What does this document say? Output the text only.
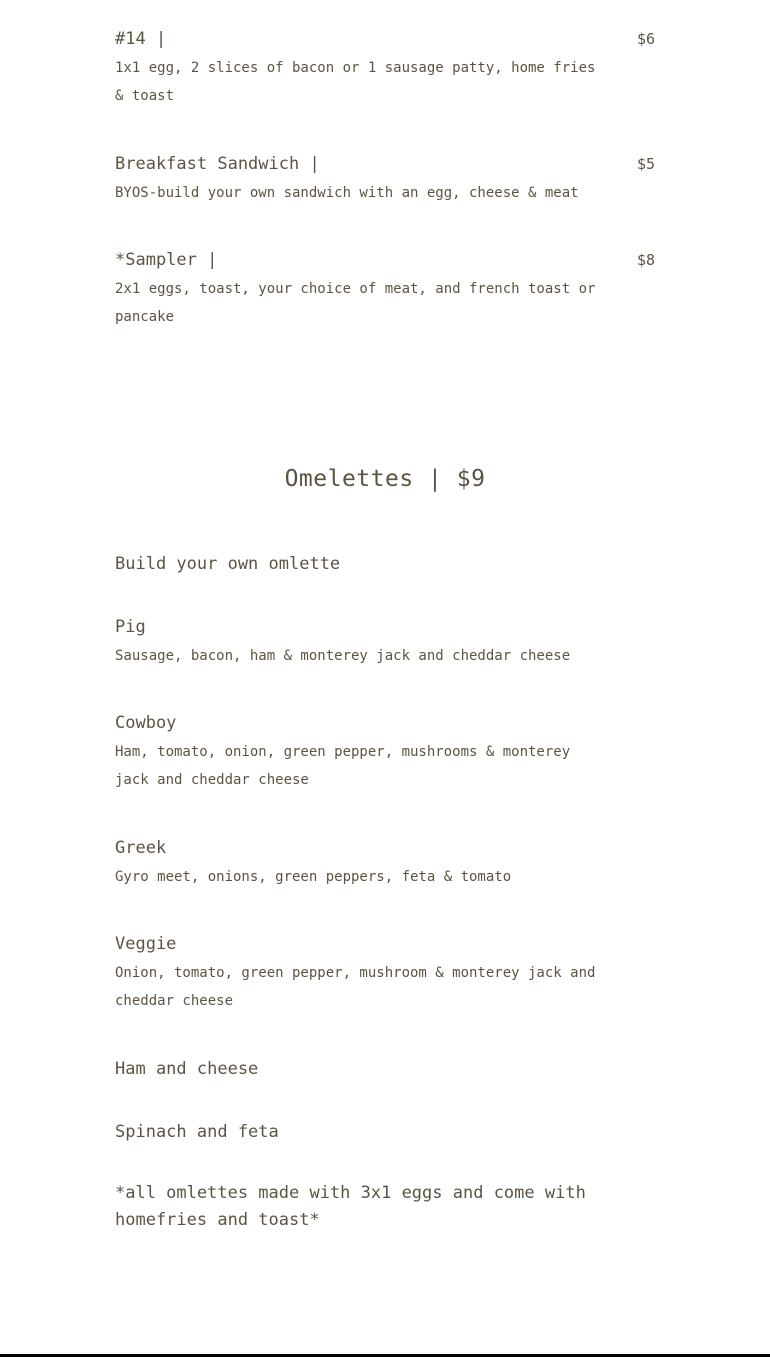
#14 |	$6
1x1 egg, 2 slices of bacon or 1 sausage patty, home fries & toast
Breakfast Sandwich |	$5
BYOS-build your own sandwich with an egg, cheese & meat
*Sampler |	$8
2x1 eggs, toast, your choice of meat, and french toast or pancake
Omelettes | $9
Build your own omlette
Pig
Sausage, bacon, ham & monterey jack and cheddar cheese
Cowboy
Ham, tomato, onion, green pepper, mushrooms & monterey jack and cheddar cheese
Greek
Gyro meet, onions, green peppers, feta & tomato
Veggie
Onion, tomato, green pepper, mushroom & monterey jack and cheddar cheese
Ham and cheese
Spinach and feta
*all omlettes made with 3x1 eggs and come with homefries and toast*
